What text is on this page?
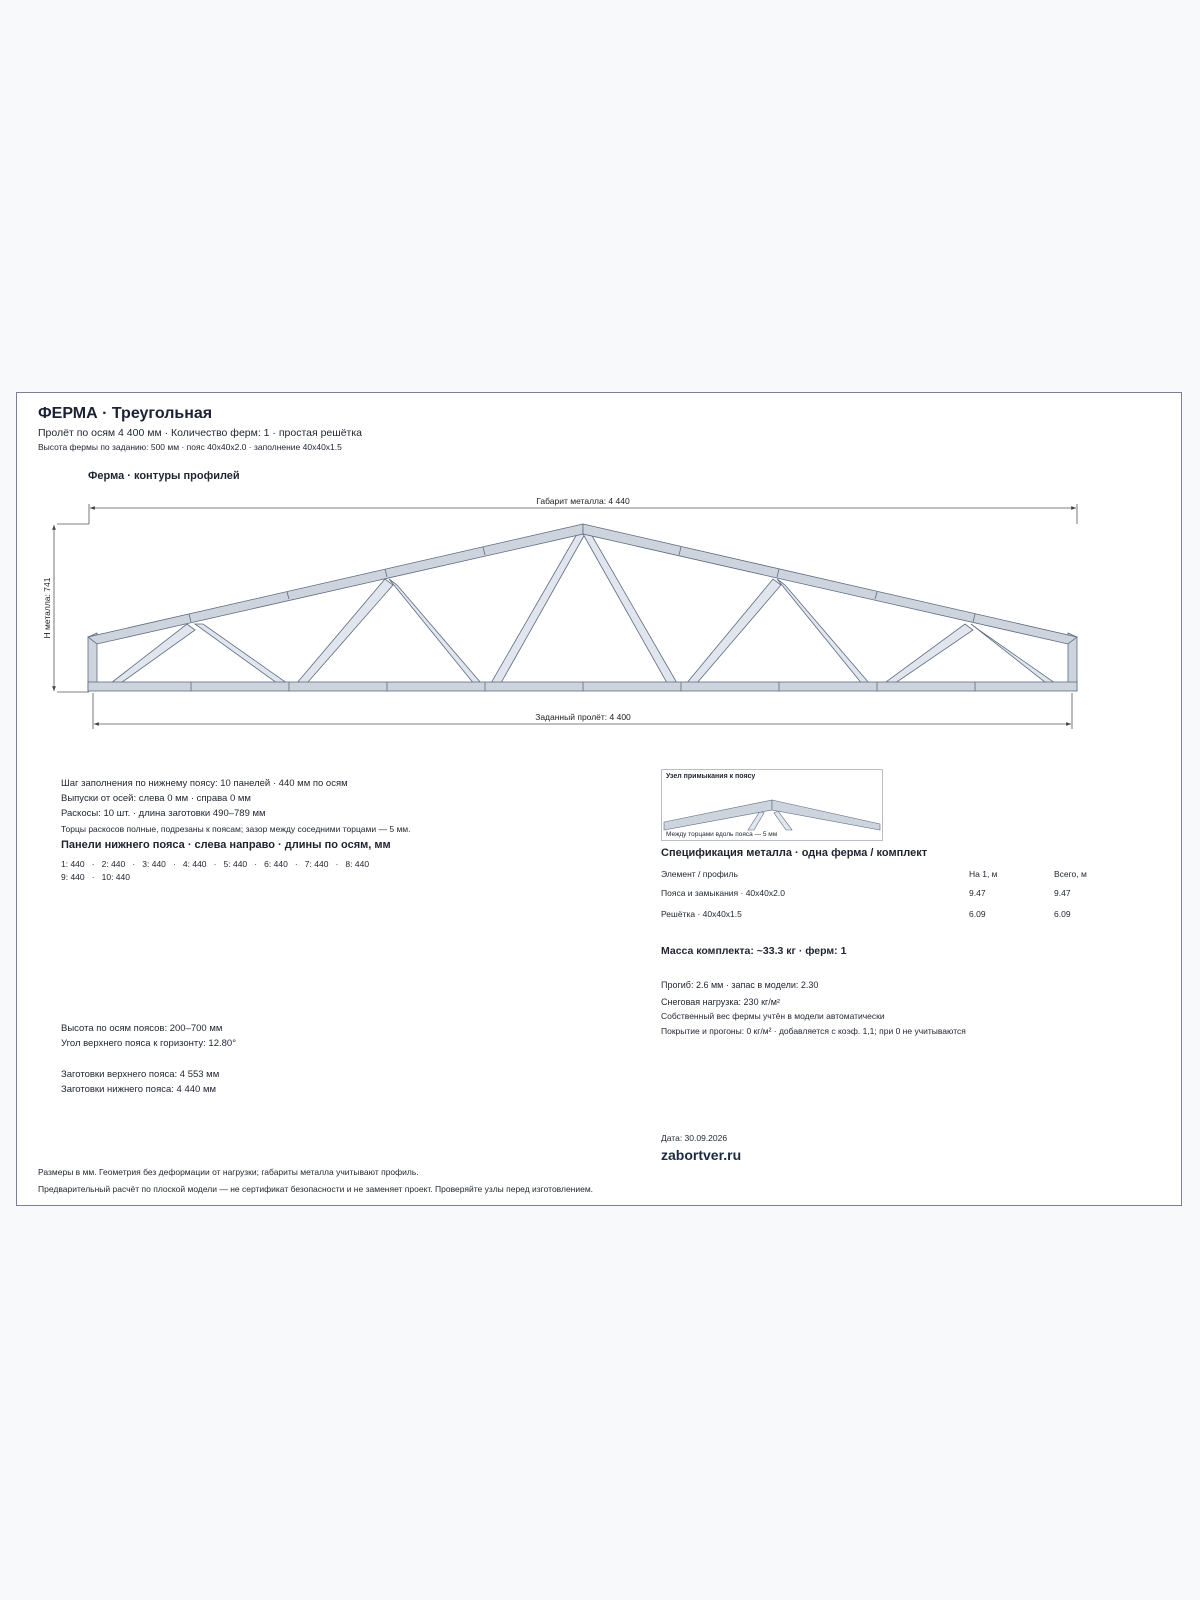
ФЕРМА · Треугольная
Пролёт по осям 4 400 мм · Количество ферм: 1 · простая решётка
Высота фермы по заданию: 500 мм · пояс 40x40x2.0 · заполнение 40x40x1.5
Ферма · контуры профилей
Габарит металла: 4 440
Н металла: 741
Заданный пролёт: 4 400
Шаг заполнения по нижнему поясу: 10 панелей · 440 мм по осям
Выпуски от осей: слева 0 мм · справа 0 мм
Раскосы: 10 шт. · длина заготовки 490–789 мм
Торцы раскосов полные, подрезаны к поясам; зазор между соседними торцами — 5 мм.
Панели нижнего пояса · слева направо · длины по осям, мм
1: 440   ·   2: 440   ·   3: 440   ·   4: 440   ·   5: 440   ·   6: 440   ·   7: 440   ·   8: 440
9: 440   ·   10: 440
Высота по осям поясов: 200–700 мм
Угол верхнего пояса к горизонту: 12.80°
Заготовки верхнего пояса: 4 553 мм
Заготовки нижнего пояса: 4 440 мм
Узел примыкания к поясу
Между торцами вдоль пояса — 5 мм
Спецификация металла · одна ферма / комплект
Элемент / профиль	На 1, м	Всего, м
Пояса и замыкания · 40x40x2.0	9.47	9.47
Решётка · 40x40x1.5	6.09	6.09
Масса комплекта: ~33.3 кг · ферм: 1
Прогиб: 2.6 мм · запас в модели: 2.30
Снеговая нагрузка: 230 кг/м²
Собственный вес фермы учтён в модели автоматически
Покрытие и прогоны: 0 кг/м² · добавляется с коэф. 1,1; при 0 не учитываются
Дата: 30.09.2026
zabortver.ru
Размеры в мм. Геометрия без деформации от нагрузки; габариты металла учитывают профиль.
Предварительный расчёт по плоской модели — не сертификат безопасности и не заменяет проект. Проверяйте узлы перед изготовлением.
